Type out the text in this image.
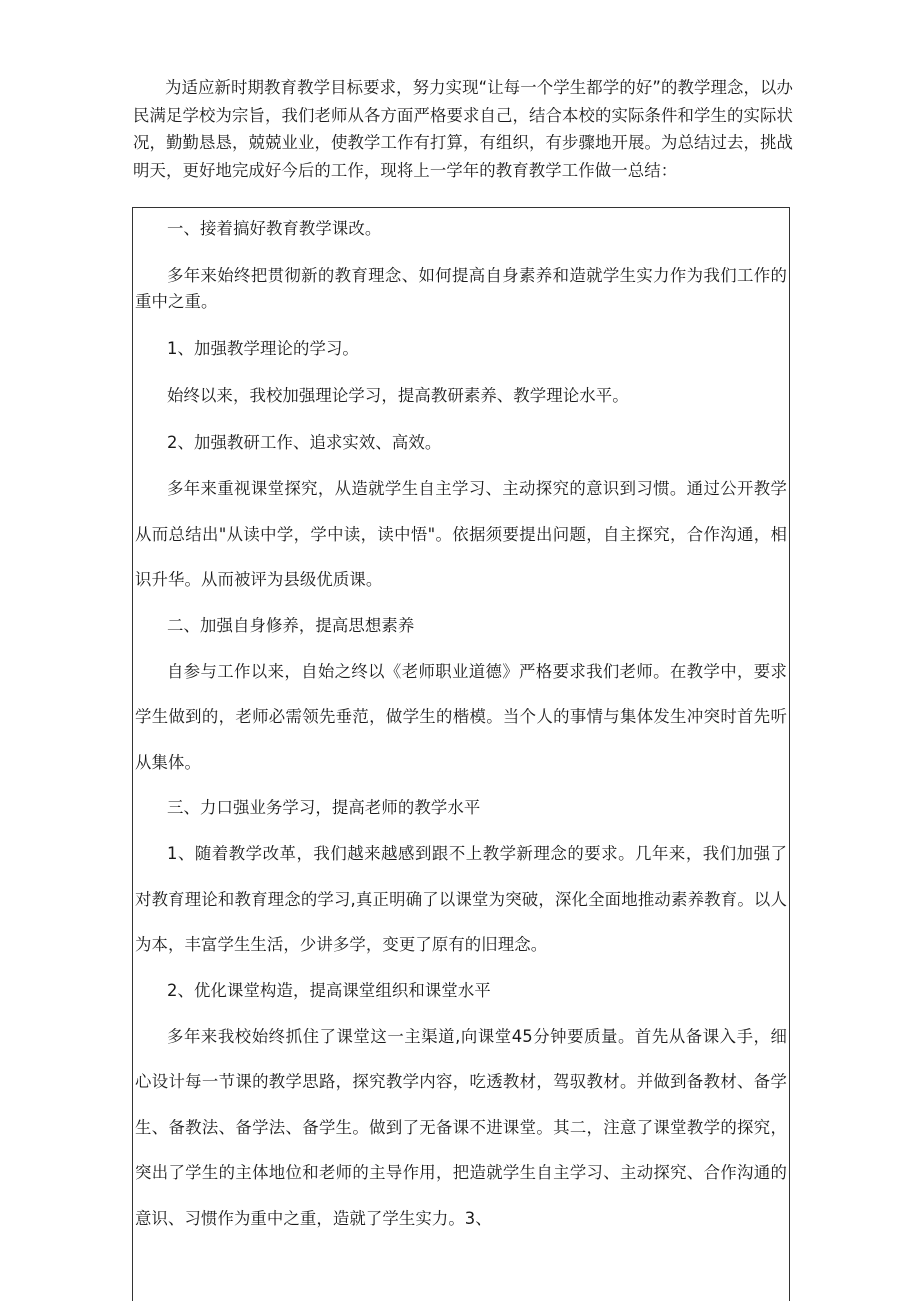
为适应新时期教育教学目标要求，努力实现“让每一个学生都学的好”的教学理念，以办民满足学校为宗旨，我们老师从各方面严格要求自己，结合本校的实际条件和学生的实际状况，勤勤恳恳，兢兢业业，使教学工作有打算，有组织，有步骤地开展。为总结过去，挑战明天，更好地完成好今后的工作，现将上一学年的教育教学工作做一总结：

一、接着搞好教育教学课改。

多年来始终把贯彻新的教育理念、如何提高自身素养和造就学生实力作为我们工作的重中之重。

1、加强教学理论的学习。

始终以来，我校加强理论学习，提高教研素养、教学理论水平。

2、加强教研工作、追求实效、高效。

多年来重视课堂探究，从造就学生自主学习、主动探究的意识到习惯。通过公开教学从而总结出"从读中学，学中读，读中悟"。依据须要提出问题，自主探究，合作沟通，相识升华。从而被评为县级优质课。

二、加强自身修养，提高思想素养

自参与工作以来，自始之终以《老师职业道德》严格要求我们老师。在教学中，要求学生做到的，老师必需领先垂范，做学生的楷模。当个人的事情与集体发生冲突时首先听从集体。

三、力口强业务学习，提高老师的教学水平

1、随着教学改革，我们越来越感到跟不上教学新理念的要求。几年来，我们加强了对教育理论和教育理念的学习,真正明确了以课堂为突破，深化全面地推动素养教育。以人为本，丰富学生生活，少讲多学，变更了原有的旧理念。

2、优化课堂构造，提高课堂组织和课堂水平

多年来我校始终抓住了课堂这一主渠道,向课堂45分钟要质量。首先从备课入手，细心设计每一节课的教学思路，探究教学内容，吃透教材，驾驭教材。并做到备教材、备学生、备教法、备学法、备学生。做到了无备课不进课堂。其二，注意了课堂教学的探究，突出了学生的主体地位和老师的主导作用，把造就学生自主学习、主动探究、合作沟通的意识、习惯作为重中之重，造就了学生实力。3、
